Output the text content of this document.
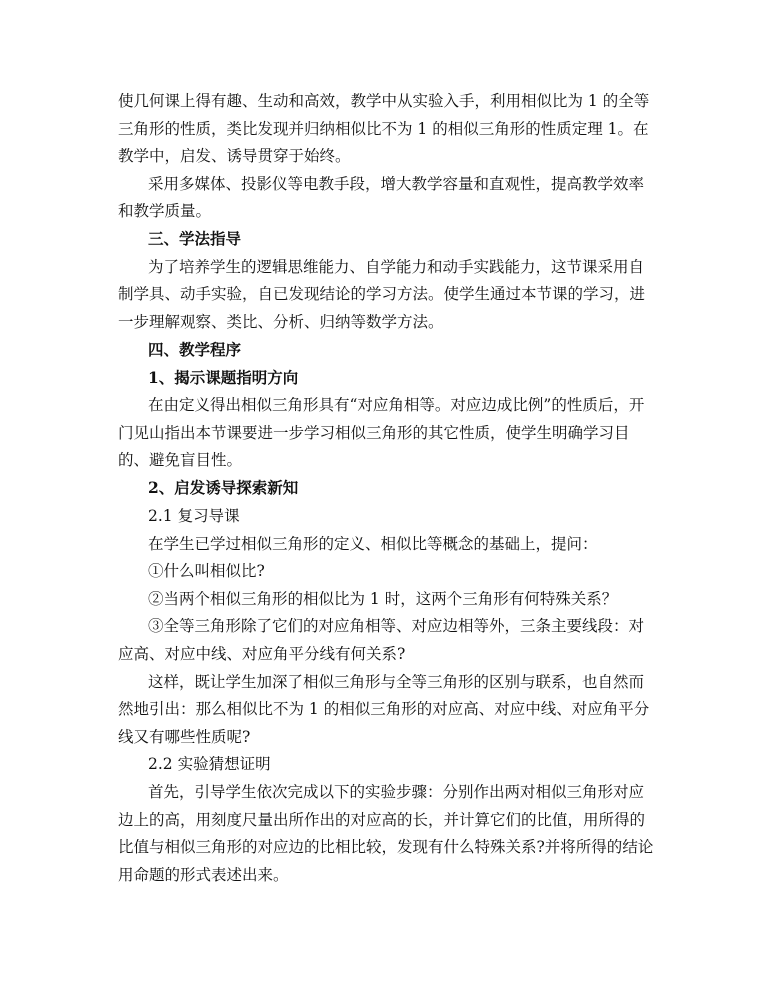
使几何课上得有趣、生动和高效，教学中从实验入手，利用相似比为 1 的全等
三角形的性质，类比发现并归纳相似比不为 1 的相似三角形的性质定理 1。在
教学中，启发、诱导贯穿于始终。
采用多媒体、投影仪等电教手段，增大教学容量和直观性，提高教学效率
和教学质量。
三、学法指导
为了培养学生的逻辑思维能力、自学能力和动手实践能力，这节课采用自
制学具、动手实验，自已发现结论的学习方法。使学生通过本节课的学习，进
一步理解观察、类比、分析、归纳等数学方法。
四、教学程序
1、揭示课题指明方向
在由定义得出相似三角形具有“对应角相等。对应边成比例”的性质后，开
门见山指出本节课要进一步学习相似三角形的其它性质，使学生明确学习目
的、避免盲目性。
2、启发诱导探索新知
2.1 复习导课
在学生已学过相似三角形的定义、相似比等概念的基础上，提问：
①什么叫相似比?
②当两个相似三角形的相似比为 1 时，这两个三角形有何特殊关系？
③全等三角形除了它们的对应角相等、对应边相等外，三条主要线段：对
应高、对应中线、对应角平分线有何关系?
这样，既让学生加深了相似三角形与全等三角形的区别与联系，也自然而
然地引出：那么相似比不为 1 的相似三角形的对应高、对应中线、对应角平分
线又有哪些性质呢?
2.2 实验猜想证明
首先，引导学生依次完成以下的实验步骤：分别作出两对相似三角形对应
边上的高，用刻度尺量出所作出的对应高的长，并计算它们的比值，用所得的
比值与相似三角形的对应边的比相比较，发现有什么特殊关系?并将所得的结论
用命题的形式表述出来。
